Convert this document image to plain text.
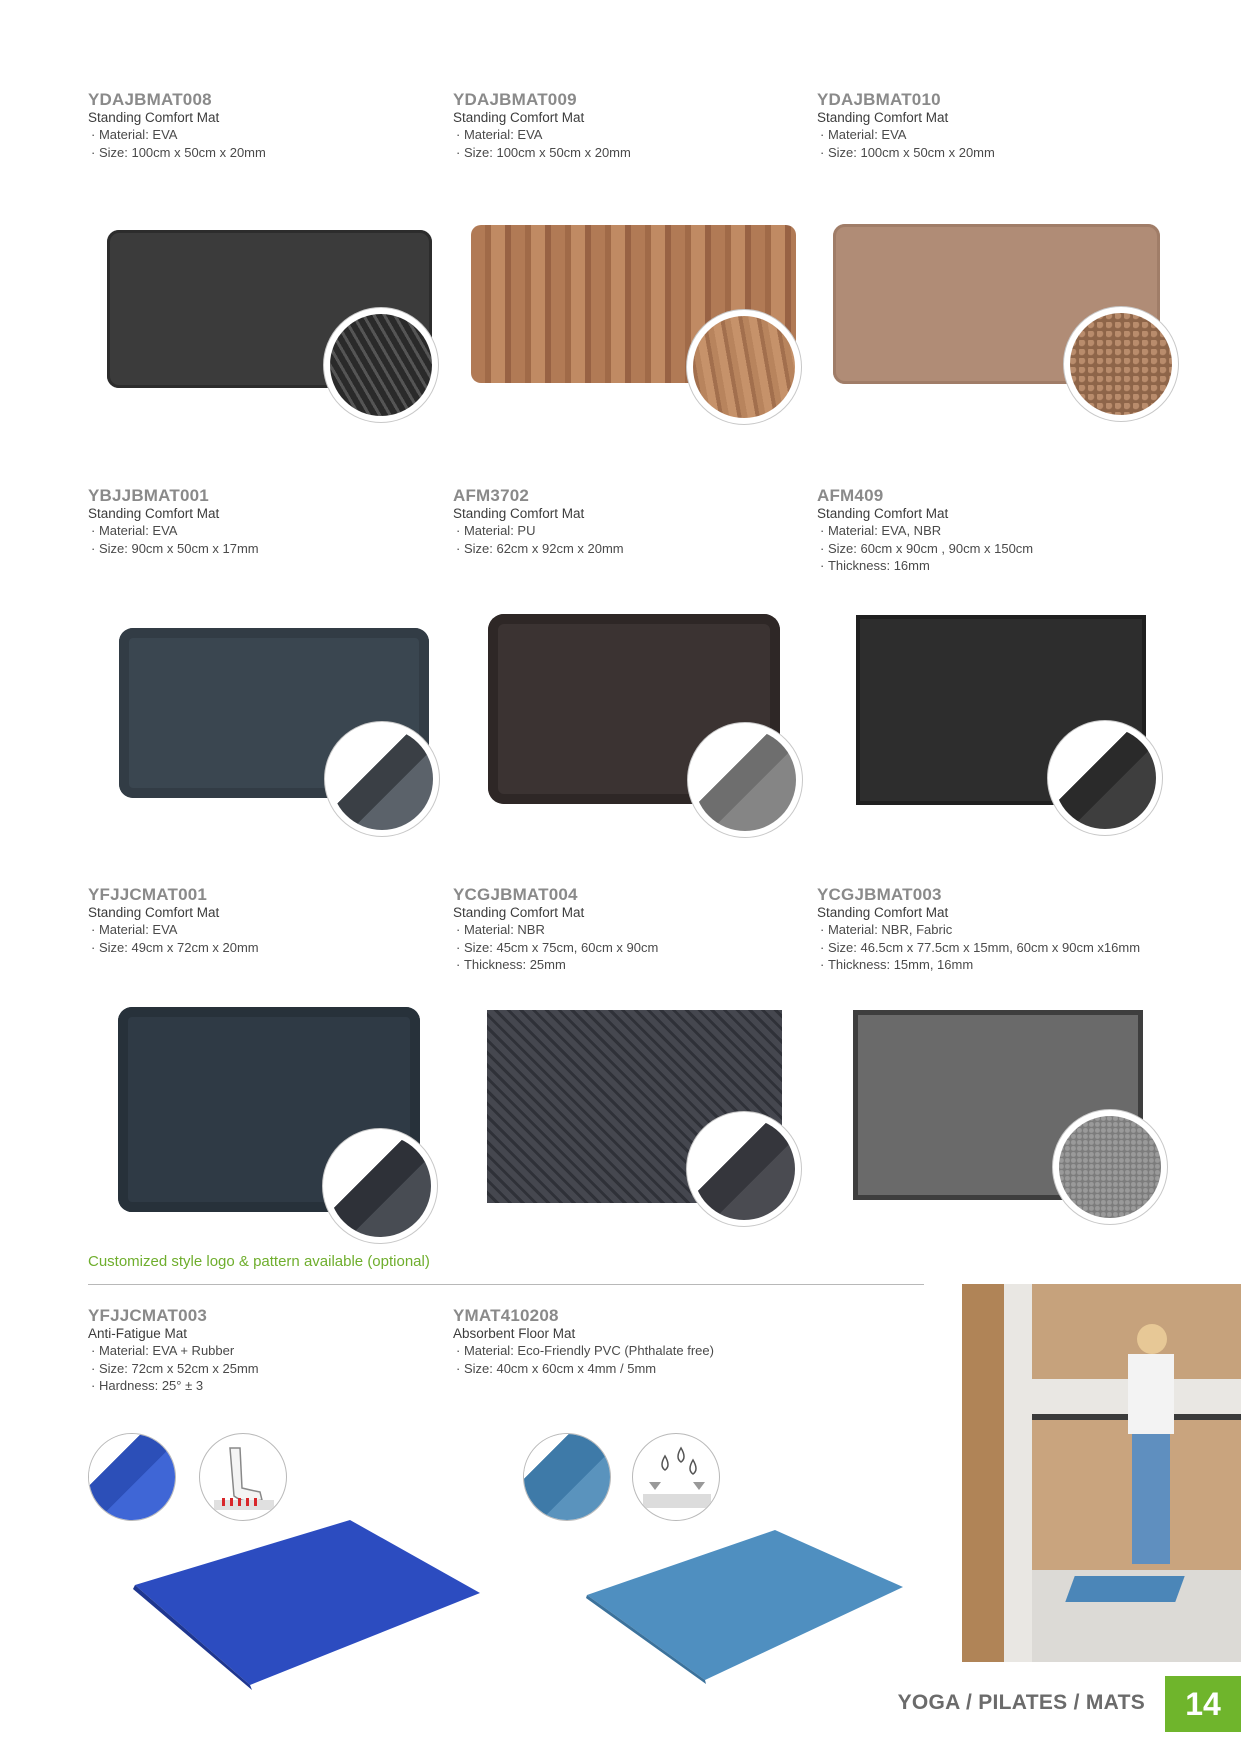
YDAJBMAT008
Standing Comfort Mat
· Material: EVA
· Size: 100cm x 50cm x 20mm
YDAJBMAT009
Standing Comfort Mat
· Material: EVA
· Size: 100cm x 50cm x 20mm
YDAJBMAT010
Standing Comfort Mat
· Material: EVA
· Size: 100cm x 50cm x 20mm
YBJJBMAT001
Standing Comfort Mat
· Material: EVA
· Size: 90cm x 50cm x 17mm
AFM3702
Standing Comfort Mat
· Material: PU
· Size: 62cm x 92cm x 20mm
AFM409
Standing Comfort Mat
· Material: EVA, NBR
· Size: 60cm x 90cm , 90cm x 150cm
· Thickness: 16mm
YFJJCMAT001
Standing Comfort Mat
· Material: EVA
· Size: 49cm x 72cm x 20mm
YCGJBMAT004
Standing Comfort Mat
· Material: NBR
· Size: 45cm x 75cm, 60cm x 90cm
· Thickness: 25mm
YCGJBMAT003
Standing Comfort Mat
· Material: NBR, Fabric
· Size: 46.5cm x 77.5cm x 15mm, 60cm x 90cm x16mm
· Thickness: 15mm, 16mm
Customized style logo & pattern available (optional)
YFJJCMAT003
Anti-Fatigue Mat
· Material: EVA + Rubber
· Size: 72cm x 52cm x 25mm
· Hardness: 25° ± 3
YMAT410208
Absorbent Floor Mat
· Material: Eco-Friendly PVC (Phthalate free)
· Size: 40cm x 60cm x 4mm / 5mm
YOGA / PILATES / MATS 14
